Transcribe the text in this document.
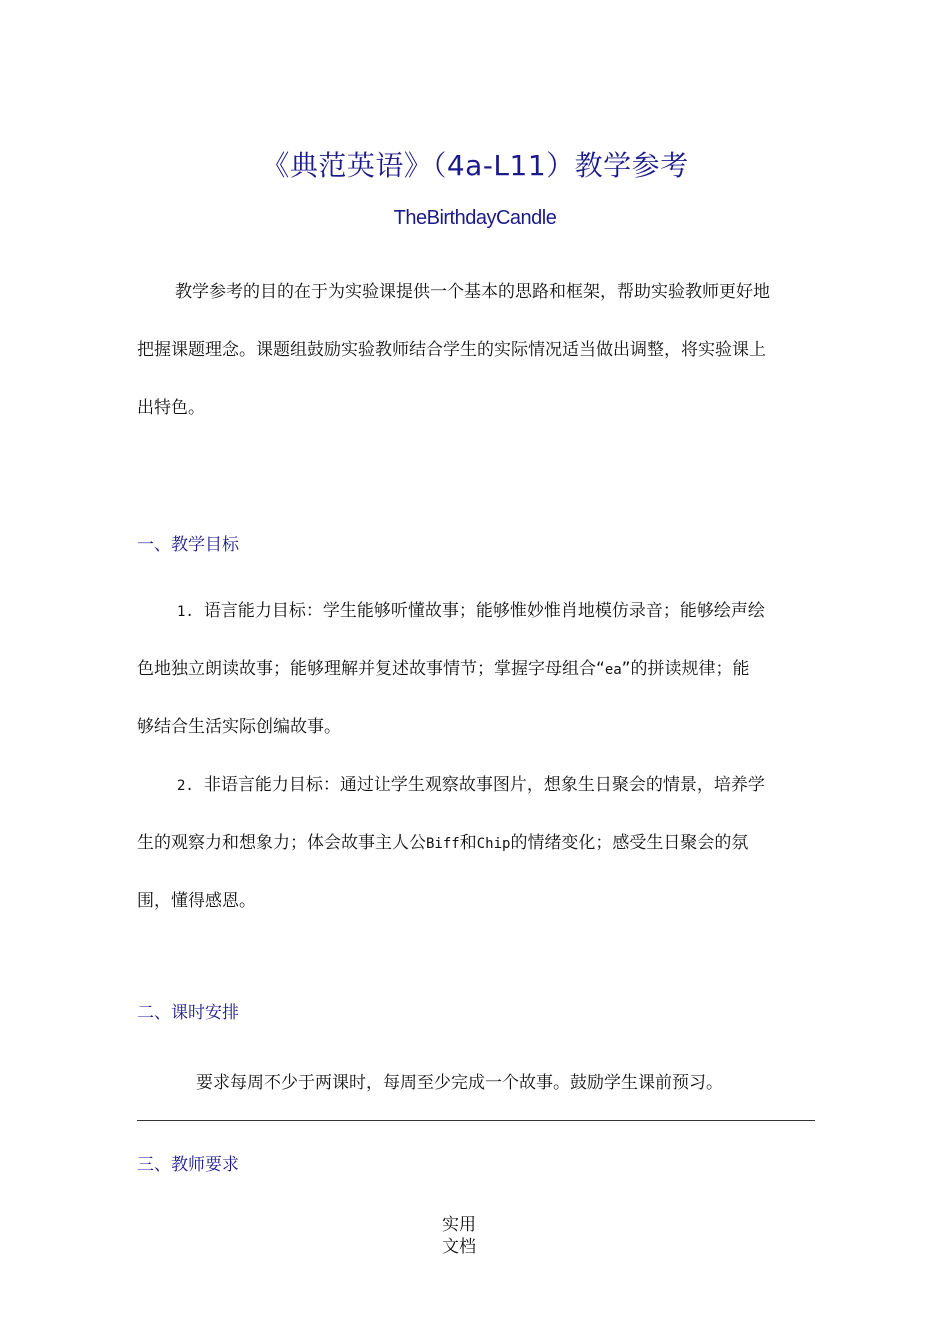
《典范英语》（4a-L11）教学参考
TheBirthdayCandle
教学参考的目的在于为实验课提供一个基本的思路和框架，帮助实验教师更好地
把握课题理念。课题组鼓励实验教师结合学生的实际情况适当做出调整，将实验课上
出特色。
一、教学目标
1. 语言能力目标：学生能够听懂故事；能够惟妙惟肖地模仿录音；能够绘声绘
色地独立朗读故事；能够理解并复述故事情节；掌握字母组合“ea”的拼读规律；能
够结合生活实际创编故事。
2. 非语言能力目标：通过让学生观察故事图片，想象生日聚会的情景，培养学
生的观察力和想象力；体会故事主人公Biff和Chip的情绪变化；感受生日聚会的氛
围，懂得感恩。
二、课时安排
要求每周不少于两课时，每周至少完成一个故事。鼓励学生课前预习。
三、教师要求
实用
文档
